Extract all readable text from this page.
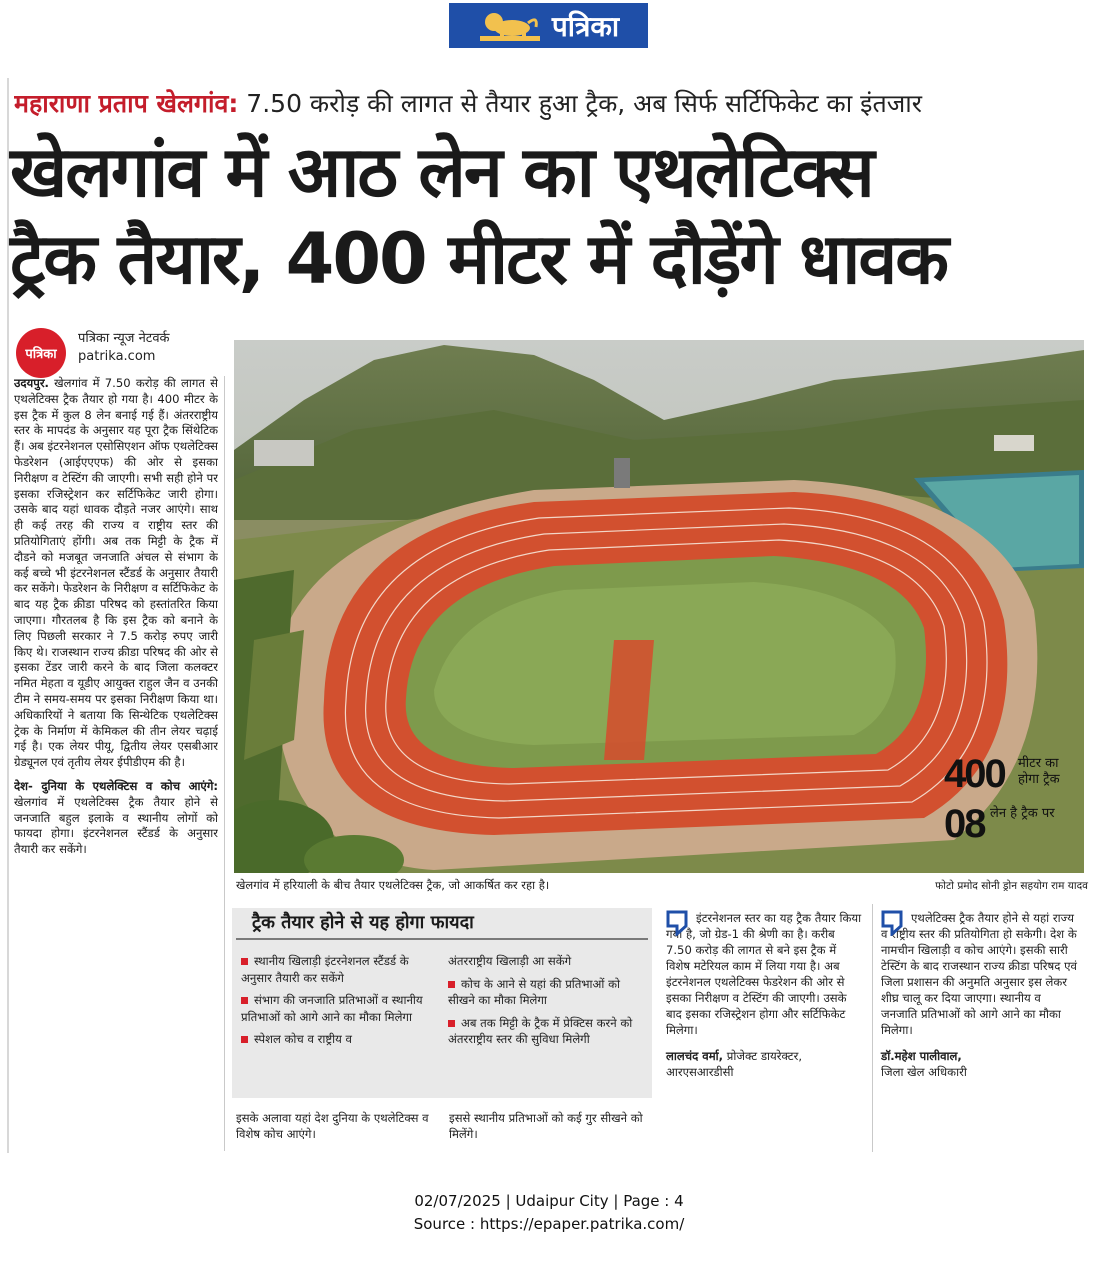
पत्रिका
महाराणा प्रताप खेलगांव: 7.50 करोड़ की लागत से तैयार हुआ ट्रैक, अब सिर्फ सर्टिफिकेट का इंतजार
खेलगांव में आठ लेन का एथलेटिक्स
ट्रैक तैयार, 400 मीटर में दौड़ेंगे धावक
पत्रिका
पत्रिका न्यूज नेटवर्क
patrika.com

उदयपुर. खेलगांव में 7.50 करोड़ की लागत से एथलेटिक्स ट्रैक तैयार हो गया है। 400 मीटर के इस ट्रैक में कुल 8 लेन बनाई गई हैं। अंतरराष्ट्रीय स्तर के मापदंड के अनुसार यह पूरा ट्रैक सिंथेटिक हैं। अब इंटरनेशनल एसोसिएशन ऑफ एथलेटिक्स फेडरेशन (आईएएएफ) की ओर से इसका निरीक्षण व टेस्टिंग की जाएगी। सभी सही होने पर इसका रजिस्ट्रेशन कर सर्टिफिकेट जारी होगा। उसके बाद यहां धावक दौड़ते नजर आएंगे। साथ ही कई तरह की राज्य व राष्ट्रीय स्तर की प्रतियोगिताएं होंगी। अब तक मिट्टी के ट्रैक में दौडने को मजबूत जनजाति अंचल से संभाग के कई बच्चे भी इंटरनेशनल स्टैंडर्ड के अनुसार तैयारी कर सकेंगे। फेडरेशन के निरीक्षण व सर्टिफिकेट के बाद यह ट्रैक क्रीडा परिषद को हस्तांतरित किया जाएगा। गौरतलब है कि इस ट्रैक को बनाने के लिए पिछली सरकार ने 7.5 करोड़ रुपए जारी किए थे। राजस्थान राज्य क्रीडा परिषद की ओर से इसका टेंडर जारी करने के बाद जिला कलक्टर नमित मेहता व यूडीए आयुक्त राहुल जैन व उनकी टीम ने समय-समय पर इसका निरीक्षण किया था। अधिकारियों ने बताया कि सिन्थेटिक एथलेटिक्स ट्रेक के निर्माण में केमिकल की तीन लेयर चढ़ाई गई है। एक लेयर पीयू, द्वितीय लेयर एसबीआर ग्रेड्यूनल एवं तृतीय लेयर ईपीडीएम की है।

देश- दुनिया के एथलेक्टिस व कोच आएंगे: खेलगांव में एथलेटिक्स ट्रैक तैयार होने से जनजाति बहुल इलाके व स्थानीय लोगों को फायदा होगा। इंटरनेशनल स्टैंडर्ड के अनुसार तैयारी कर सकेंगे।

400 मीटर का होगा ट्रैक
08 लेन है ट्रैक पर
खेलगांव में हरियाली के बीच तैयार एथलेटिक्स ट्रैक, जो आकर्षित कर रहा है।	फोटो प्रमोद सोनी ड्रोन सहयोग राम यादव
ट्रैक तैयार होने से यह होगा फायदा
स्थानीय खिलाड़ी इंटरनेशनल स्टैंडर्ड के अनुसार तैयारी कर सकेंगे
संभाग की जनजाति प्रतिभाओं व स्थानीय प्रतिभाओं को आगे आने का मौका मिलेगा
स्पेशल कोच व राष्ट्रीय व
अंतरराष्ट्रीय खिलाड़ी आ सकेंगे
कोच के आने से यहां की प्रतिभाओं को सीखने का मौका मिलेगा
अब तक मिट्टी के ट्रैक में प्रेक्टिस करने को अंतरराष्ट्रीय स्तर की सुविधा मिलेगी
इसके अलावा यहां देश दुनिया के एथलेटिक्स व विशेष कोच आएंगे।
इससे स्थानीय प्रतिभाओं को कई गुर सीखने को मिलेंगे।
इंटरनेशनल स्तर का यह ट्रैक तैयार किया गया है, जो ग्रेड-1 की श्रेणी का है। करीब 7.50 करोड़ की लागत से बने इस ट्रैक में विशेष मटेरियल काम में लिया गया है। अब इंटरनेशनल एथलेटिक्स फेडरेशन की ओर से इसका निरीक्षण व टेस्टिंग की जाएगी। उसके बाद इसका रजिस्ट्रेशन होगा और सर्टिफिकेट मिलेगा।
लालचंद वर्मा, प्रोजेक्ट डायरेक्टर,
आरएसआरडीसी
एथलेटिक्स ट्रैक तैयार होने से यहां राज्य व राष्ट्रीय स्तर की प्रतियोगिता हो सकेगी। देश के नामचीन खिलाड़ी व कोच आएंगे। इसकी सारी टेस्टिंग के बाद राजस्थान राज्य क्रीडा परिषद एवं जिला प्रशासन की अनुमति अनुसार इस लेकर शीघ्र चालू कर दिया जाएगा। स्थानीय व जनजाति प्रतिभाओं को आगे आने का मौका मिलेगा।
डॉ.महेश पालीवाल,
जिला खेल अधिकारी
02/07/2025 | Udaipur City | Page : 4
Source : https://epaper.patrika.com/
